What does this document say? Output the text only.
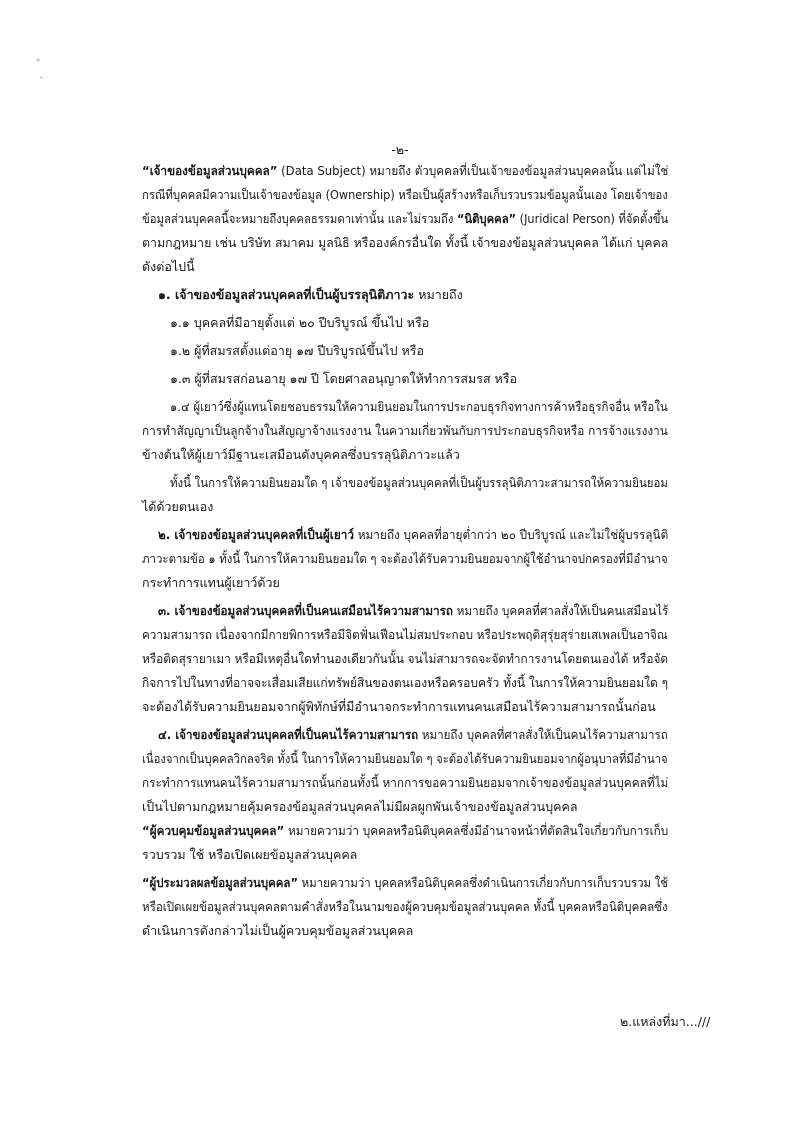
-๒-
“เจ้าของข้อมูลส่วนบุคคล” (Data Subject) หมายถึง ตัวบุคคลที่เป็นเจ้าของข้อมูลส่วนบุคคลนั้น แต่ไม่ใช่
กรณีที่บุคคลมีความเป็นเจ้าของข้อมูล (Ownership) หรือเป็นผู้สร้างหรือเก็บรวบรวมข้อมูลนั้นเอง โดยเจ้าของ
ข้อมูลส่วนบุคคลนี้จะหมายถึงบุคคลธรรมดาเท่านั้น และไม่รวมถึง “นิติบุคคล” (Juridical Person) ที่จัดตั้งขึ้น
ตามกฎหมาย เช่น บริษัท สมาคม มูลนิธิ หรือองค์กรอื่นใด ทั้งนี้ เจ้าของข้อมูลส่วนบุคคล ได้แก่ บุคคล
ดังต่อไปนี้
๑. เจ้าของข้อมูลส่วนบุคคลที่เป็นผู้บรรลุนิติภาวะ หมายถึง
๑.๑ บุคคลที่มีอายุตั้งแต่ ๒๐ ปีบริบูรณ์ ขึ้นไป หรือ
๑.๒ ผู้ที่สมรสตั้งแต่อายุ ๑๗ ปีบริบูรณ์ขึ้นไป หรือ
๑.๓ ผู้ที่สมรสก่อนอายุ ๑๗ ปี โดยศาลอนุญาตให้ทำการสมรส หรือ
๑.๔ ผู้เยาว์ซึ่งผู้แทนโดยชอบธรรมให้ความยินยอมในการประกอบธุรกิจทางการค้าหรือธุรกิจอื่น หรือใน
การทำสัญญาเป็นลูกจ้างในสัญญาจ้างแรงงาน ในความเกี่ยวพันกับการประกอบธุรกิจหรือ การจ้างแรงงาน
ข้างต้นให้ผู้เยาว์มีฐานะเสมือนดังบุคคลซึ่งบรรลุนิติภาวะแล้ว
ทั้งนี้ ในการให้ความยินยอมใด ๆ เจ้าของข้อมูลส่วนบุคคลที่เป็นผู้บรรลุนิติภาวะสามารถให้ความยินยอม
ได้ด้วยตนเอง
๒. เจ้าของข้อมูลส่วนบุคคลที่เป็นผู้เยาว์ หมายถึง บุคคลที่อายุต่ำกว่า ๒๐ ปีบริบูรณ์ และไม่ใช่ผู้บรรลุนิติ
ภาวะตามข้อ ๑ ทั้งนี้ ในการให้ความยินยอมใด ๆ จะต้องได้รับความยินยอมจากผู้ใช้อำนาจปกครองที่มีอำนาจ
กระทำการแทนผู้เยาว์ด้วย
๓. เจ้าของข้อมูลส่วนบุคคลที่เป็นคนเสมือนไร้ความสามารถ หมายถึง บุคคลที่ศาลสั่งให้เป็นคนเสมือนไร้
ความสามารถ เนื่องจากมีกายพิการหรือมีจิตฟั่นเฟือนไม่สมประกอบ หรือประพฤติสุรุ่ยสุร่ายเสเพลเป็นอาจิณ
หรือติดสุรายาเมา หรือมีเหตุอื่นใดทำนองเดียวกันนั้น จนไม่สามารถจะจัดทำการงานโดยตนเองได้ หรือจัด
กิจการไปในทางที่อาจจะเสื่อมเสียแก่ทรัพย์สินของตนเองหรือครอบครัว ทั้งนี้ ในการให้ความยินยอมใด ๆ
จะต้องได้รับความยินยอมจากผู้พิทักษ์ที่มีอำนาจกระทำการแทนคนเสมือนไร้ความสามารถนั้นก่อน
๔. เจ้าของข้อมูลส่วนบุคคลที่เป็นคนไร้ความสามารถ หมายถึง บุคคลที่ศาลสั่งให้เป็นคนไร้ความสามารถ
เนื่องจากเป็นบุคคลวิกลจริต ทั้งนี้ ในการให้ความยินยอมใด ๆ จะต้องได้รับความยินยอมจากผู้อนุบาลที่มีอำนาจ
กระทำการแทนคนไร้ความสามารถนั้นก่อนทั้งนี้ หากการขอความยินยอมจากเจ้าของข้อมูลส่วนบุคคลที่ไม่
เป็นไปตามกฎหมายคุ้มครองข้อมูลส่วนบุคคลไม่มีผลผูกพันเจ้าของข้อมูลส่วนบุคคล
“ผู้ควบคุมข้อมูลส่วนบุคคล” หมายความว่า บุคคลหรือนิติบุคคลซึ่งมีอำนาจหน้าที่ตัดสินใจเกี่ยวกับการเก็บ
รวบรวม ใช้ หรือเปิดเผยข้อมูลส่วนบุคคล
“ผู้ประมวลผลข้อมูลส่วนบุคคล” หมายความว่า บุคคลหรือนิติบุคคลซึ่งดำเนินการเกี่ยวกับการเก็บรวบรวม ใช้
หรือเปิดเผยข้อมูลส่วนบุคคลตามคำสั่งหรือในนามของผู้ควบคุมข้อมูลส่วนบุคคล ทั้งนี้ บุคคลหรือนิติบุคคลซึ่ง
ดำเนินการดังกล่าวไม่เป็นผู้ควบคุมข้อมูลส่วนบุคคล
๒.แหล่งที่มา...///
